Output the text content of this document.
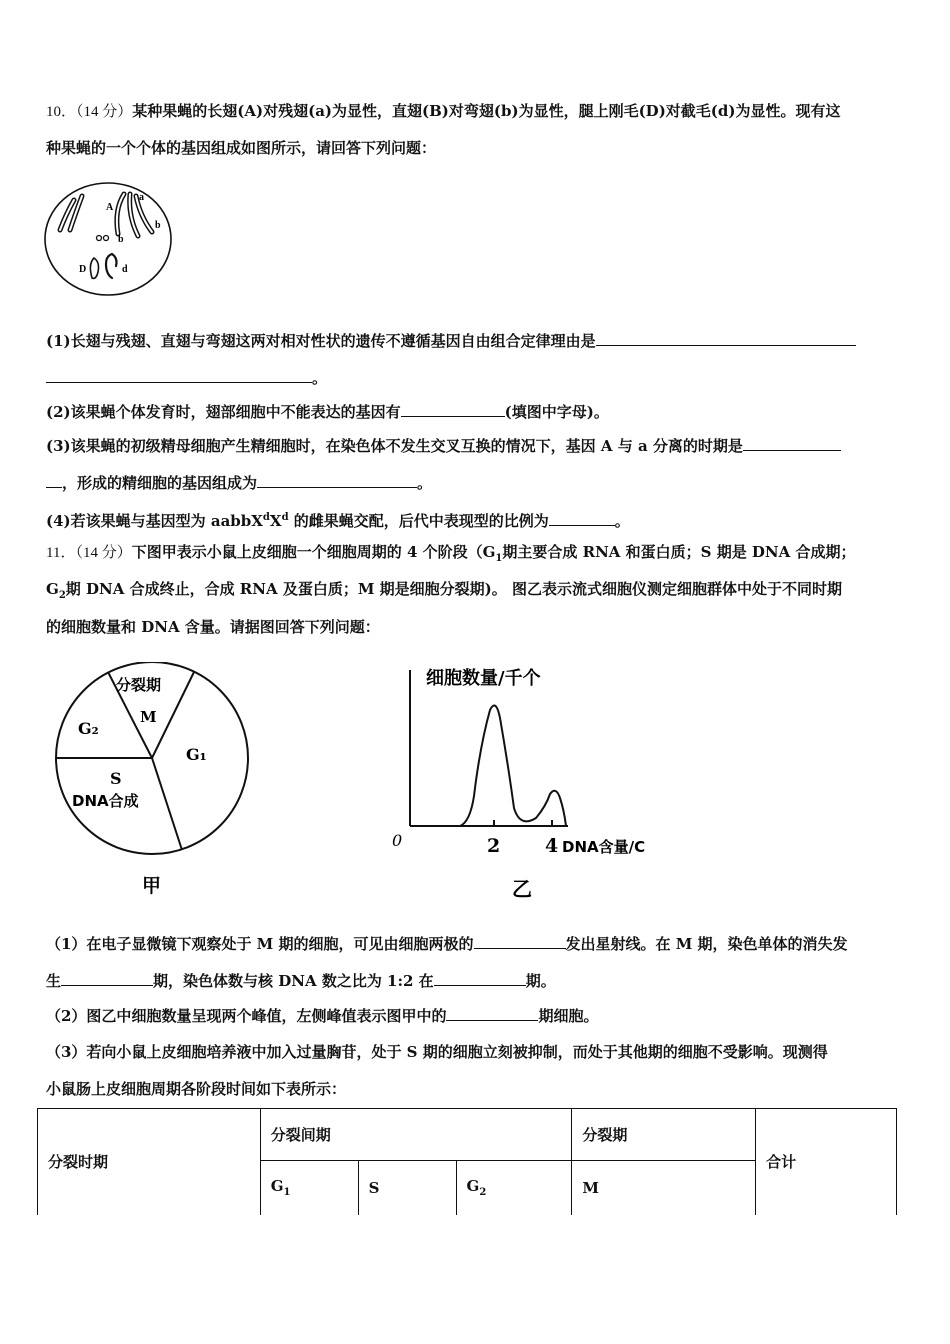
10．（14 分）某种果蝇的长翅(A)对残翅(a)为显性，直翅(B)对弯翅(b)为显性，腿上刚毛(D)对截毛(d)为显性。现有这
种果蝇的一个个体的基因组成如图所示，请回答下列问题：
A
a
b
b
D	d
(1)长翅与残翅、直翅与弯翅这两对相对性状的遗传不遵循基因自由组合定律理由是
。
(2)该果蝇个体发育时，翅部细胞中不能表达的基因有	(填图中字母)。
(3)该果蝇的初级精母细胞产生精细胞时，在染色体不发生交叉互换的情况下，基因 A 与 a 分离的时期是
，形成的精细胞的基因组成为	。
(4)若该果蝇与基因型为 $aabbX^dX^d$ 的雌果蝇交配，后代中表现型的比例为	。
11．（14 分）下图甲表示小鼠上皮细胞一个细胞周期的 4 个阶段（$G_1$期主要合成 RNA 和蛋白质；S 期是 DNA 合成期；
$G_2$期 DNA 合成终止，合成 RNA 及蛋白质；M 期是细胞分裂期)。 图乙表示流式细胞仪测定细胞群体中处于不同时期
的细胞数量和 DNA 含量。请据图回答下列问题：
分裂期
M
G₂
G₁
S
DNA合成
甲
细胞数量/千个
0	2 4 DNA含量/C
乙
（1）在电子显微镜下观察处于 M 期的细胞，可见由细胞两极的	发出星射线。在 M 期，染色单体的消失发
生	期，染色体数与核 DNA 数之比为 1:2 在	期。
（2）图乙中细胞数量呈现两个峰值，左侧峰值表示图甲中的	期细胞。
（3）若向小鼠上皮细胞培养液中加入过量胸苷，处于 S 期的细胞立刻被抑制，而处于其他期的细胞不受影响。现测得
小鼠肠上皮细胞周期各阶段时间如下表所示：
分裂时期	分裂间期			分裂期	合计
	$G_1$	S	$G_2$	M	
